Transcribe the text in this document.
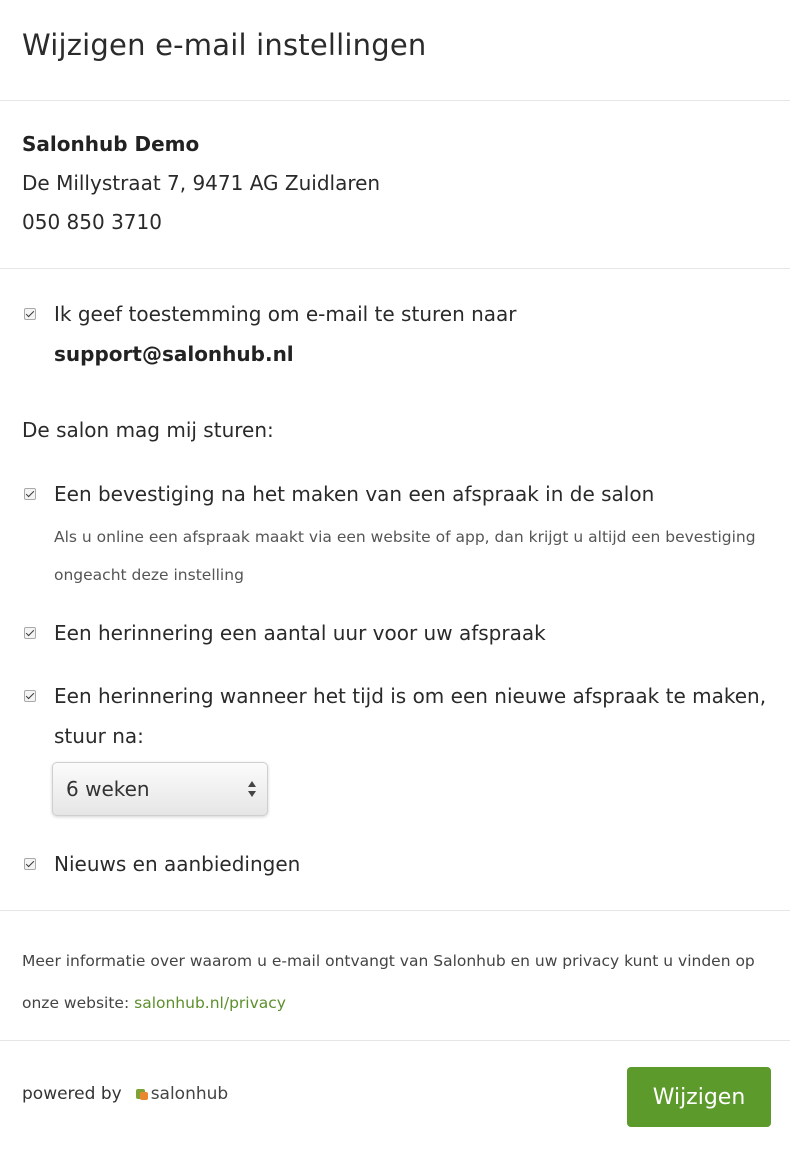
Wijzigen e-mail instellingen
Salonhub Demo
De Millystraat 7, 9471 AG Zuidlaren
050 850 3710
Ik geef toestemming om e-mail te sturen naar
support@salonhub.nl
De salon mag mij sturen:
Een bevestiging na het maken van een afspraak in de salon
Als u online een afspraak maakt via een website of app, dan krijgt u altijd een bevestiging ongeacht deze instelling
Een herinnering een aantal uur voor uw afspraak
Een herinnering wanneer het tijd is om een nieuwe afspraak te maken, stuur na:
6 weken
Nieuws en aanbiedingen
Meer informatie over waarom u e-mail ontvangt van Salonhub en uw privacy kunt u vinden op onze website: salonhub.nl/privacy
powered by salonhub	Wijzigen
